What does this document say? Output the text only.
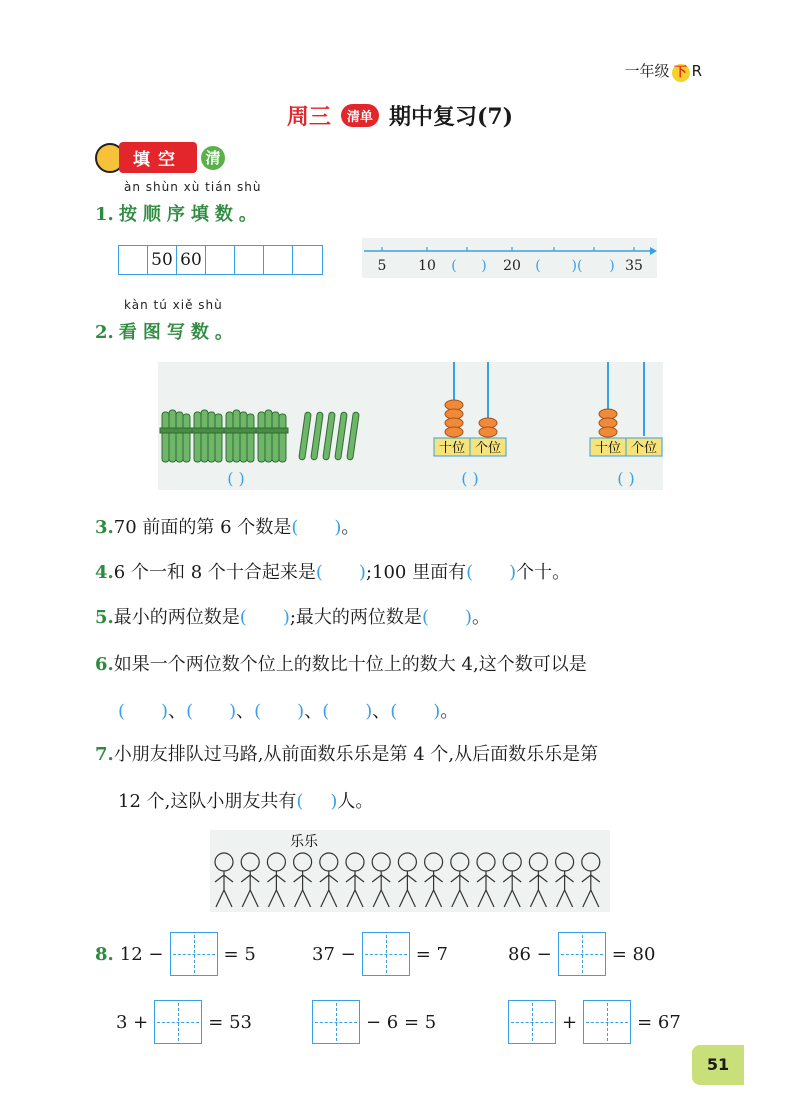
一年级 下 R
周三 清单 期中复习(7)
填空 清
àn shùn xù tián shù
1. 按顺序填数。
50 60	5 10 ( ) 20 ( )( ) 35
kàn tú xiě shù
2. 看图写数。
十位 个位	十位 个位
( )	( )	( )
3.70 前面的第 6 个数是(   )。
4.6 个一和 8 个十合起来是(   );100 里面有(   )个十。
5.最小的两位数是(   );最大的两位数是(   )。
6.如果一个两位数个位上的数比十位上的数大 4,这个数可以是
(   )、(   )、(   )、(   )、(   )。
7.小朋友排队过马路,从前面数乐乐是第 4 个,从后面数乐乐是第
12 个,这队小朋友共有(   )人。
乐乐
8. 12 −	= 5	37 −	= 7	86 −	= 80
3 +	= 53	− 6 = 5	+	= 67
51
